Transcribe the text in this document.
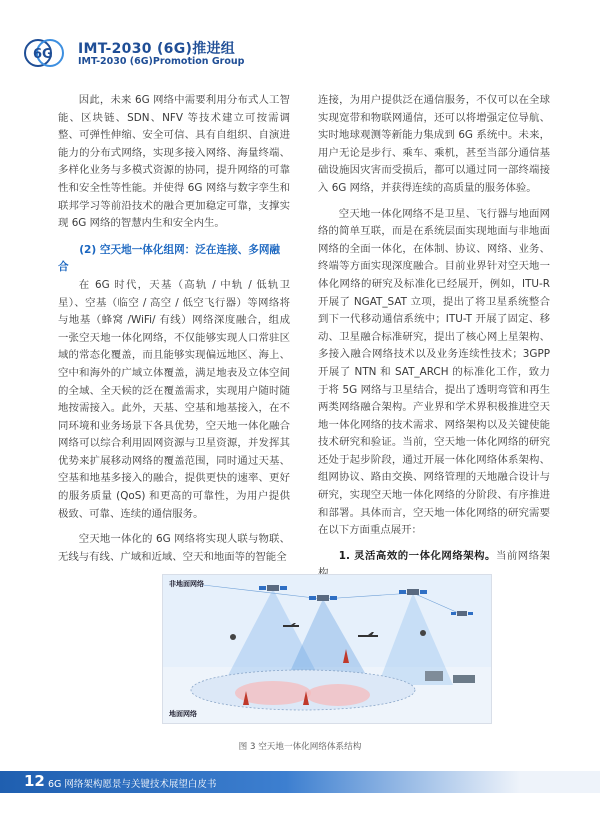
6G IMT-2030 (6G)推进组
IMT-2030 (6G)Promotion Group

因此，未来 6G 网络中需要利用分布式人工智能、区块链、SDN、NFV 等技术建立可按需调整、可弹性伸缩、安全可信、具有自组织、自演进能力的分布式网络，实现多接入网络、海量终端、多样化业务与多模式资源的协同，提升网络的可靠性和安全性等性能。并使得 6G 网络与数字孪生和联邦学习等前沿技术的融合更加稳定可靠，支撑实现 6G 网络的智慧内生和安全内生。

(2) 空天地一体化组网：泛在连接、多网融合

在 6G 时代，天基（高轨 / 中轨 / 低轨卫星）、空基（临空 / 高空 / 低空飞行器）等网络将与地基（蜂窝 /WiFi/ 有线）网络深度融合，组成一张空天地一体化网络，不仅能够实现人口常驻区域的常态化覆盖，而且能够实现偏远地区、海上、空中和海外的广域立体覆盖，满足地表及立体空间的全域、全天候的泛在覆盖需求，实现用户随时随地按需接入。此外，天基、空基和地基接入，在不同环境和业务场景下各具优势，空天地一体化融合网络可以综合利用固网资源与卫星资源，并发挥其优势来扩展移动网络的覆盖范围，同时通过天基、空基和地基多接入的融合，提供更快的速率、更好的服务质量 (QoS) 和更高的可靠性，为用户提供极致、可靠、连续的通信服务。

空天地一体化的 6G 网络将实现人联与物联、无线与有线、广域和近域、空天和地面等的智能全

连接，为用户提供泛在通信服务，不仅可以在全球实现宽带和物联网通信，还可以将增强定位导航、实时地球观测等新能力集成到 6G 系统中。未来，用户无论是步行、乘车、乘机，甚至当部分通信基础设施因灾害而受损后，都可以通过同一部终端接入 6G 网络，并获得连续的高质量的服务体验。

空天地一体化网络不是卫星、飞行器与地面网络的简单互联，而是在系统层面实现地面与非地面网络的全面一体化，在体制、协议、网络、业务、终端等方面实现深度融合。目前业界针对空天地一体化网络的研究及标准化已经展开，例如，ITU-R 开展了 NGAT_SAT 立项，提出了将卫星系统整合到下一代移动通信系统中；ITU-T 开展了固定、移动、卫星融合标准研究，提出了核心网上星架构、多接入融合网络技术以及业务连续性技术；3GPP 开展了 NTN 和 SAT_ARCH 的标准化工作，致力于将 5G 网络与卫星结合，提出了透明弯管和再生两类网络融合架构。产业界和学术界积极推进空天地一体化网络的技术需求、网络架构以及关键使能技术研究和验证。当前，空天地一体化网络的研究还处于起步阶段，通过开展一体化网络体系架构、组网协议、路由交换、网络管理的天地融合设计与研究，实现空天地一体化网络的分阶段、有序推进和部署。具体而言，空天地一体化网络的研究需要在以下方面重点展开：

1. 灵活高效的一体化网络架构。当前网络架

非地面网络
地面网络
图 3 空天地一体化网络体系结构
12 6G 网络架构愿景与关键技术展望白皮书
